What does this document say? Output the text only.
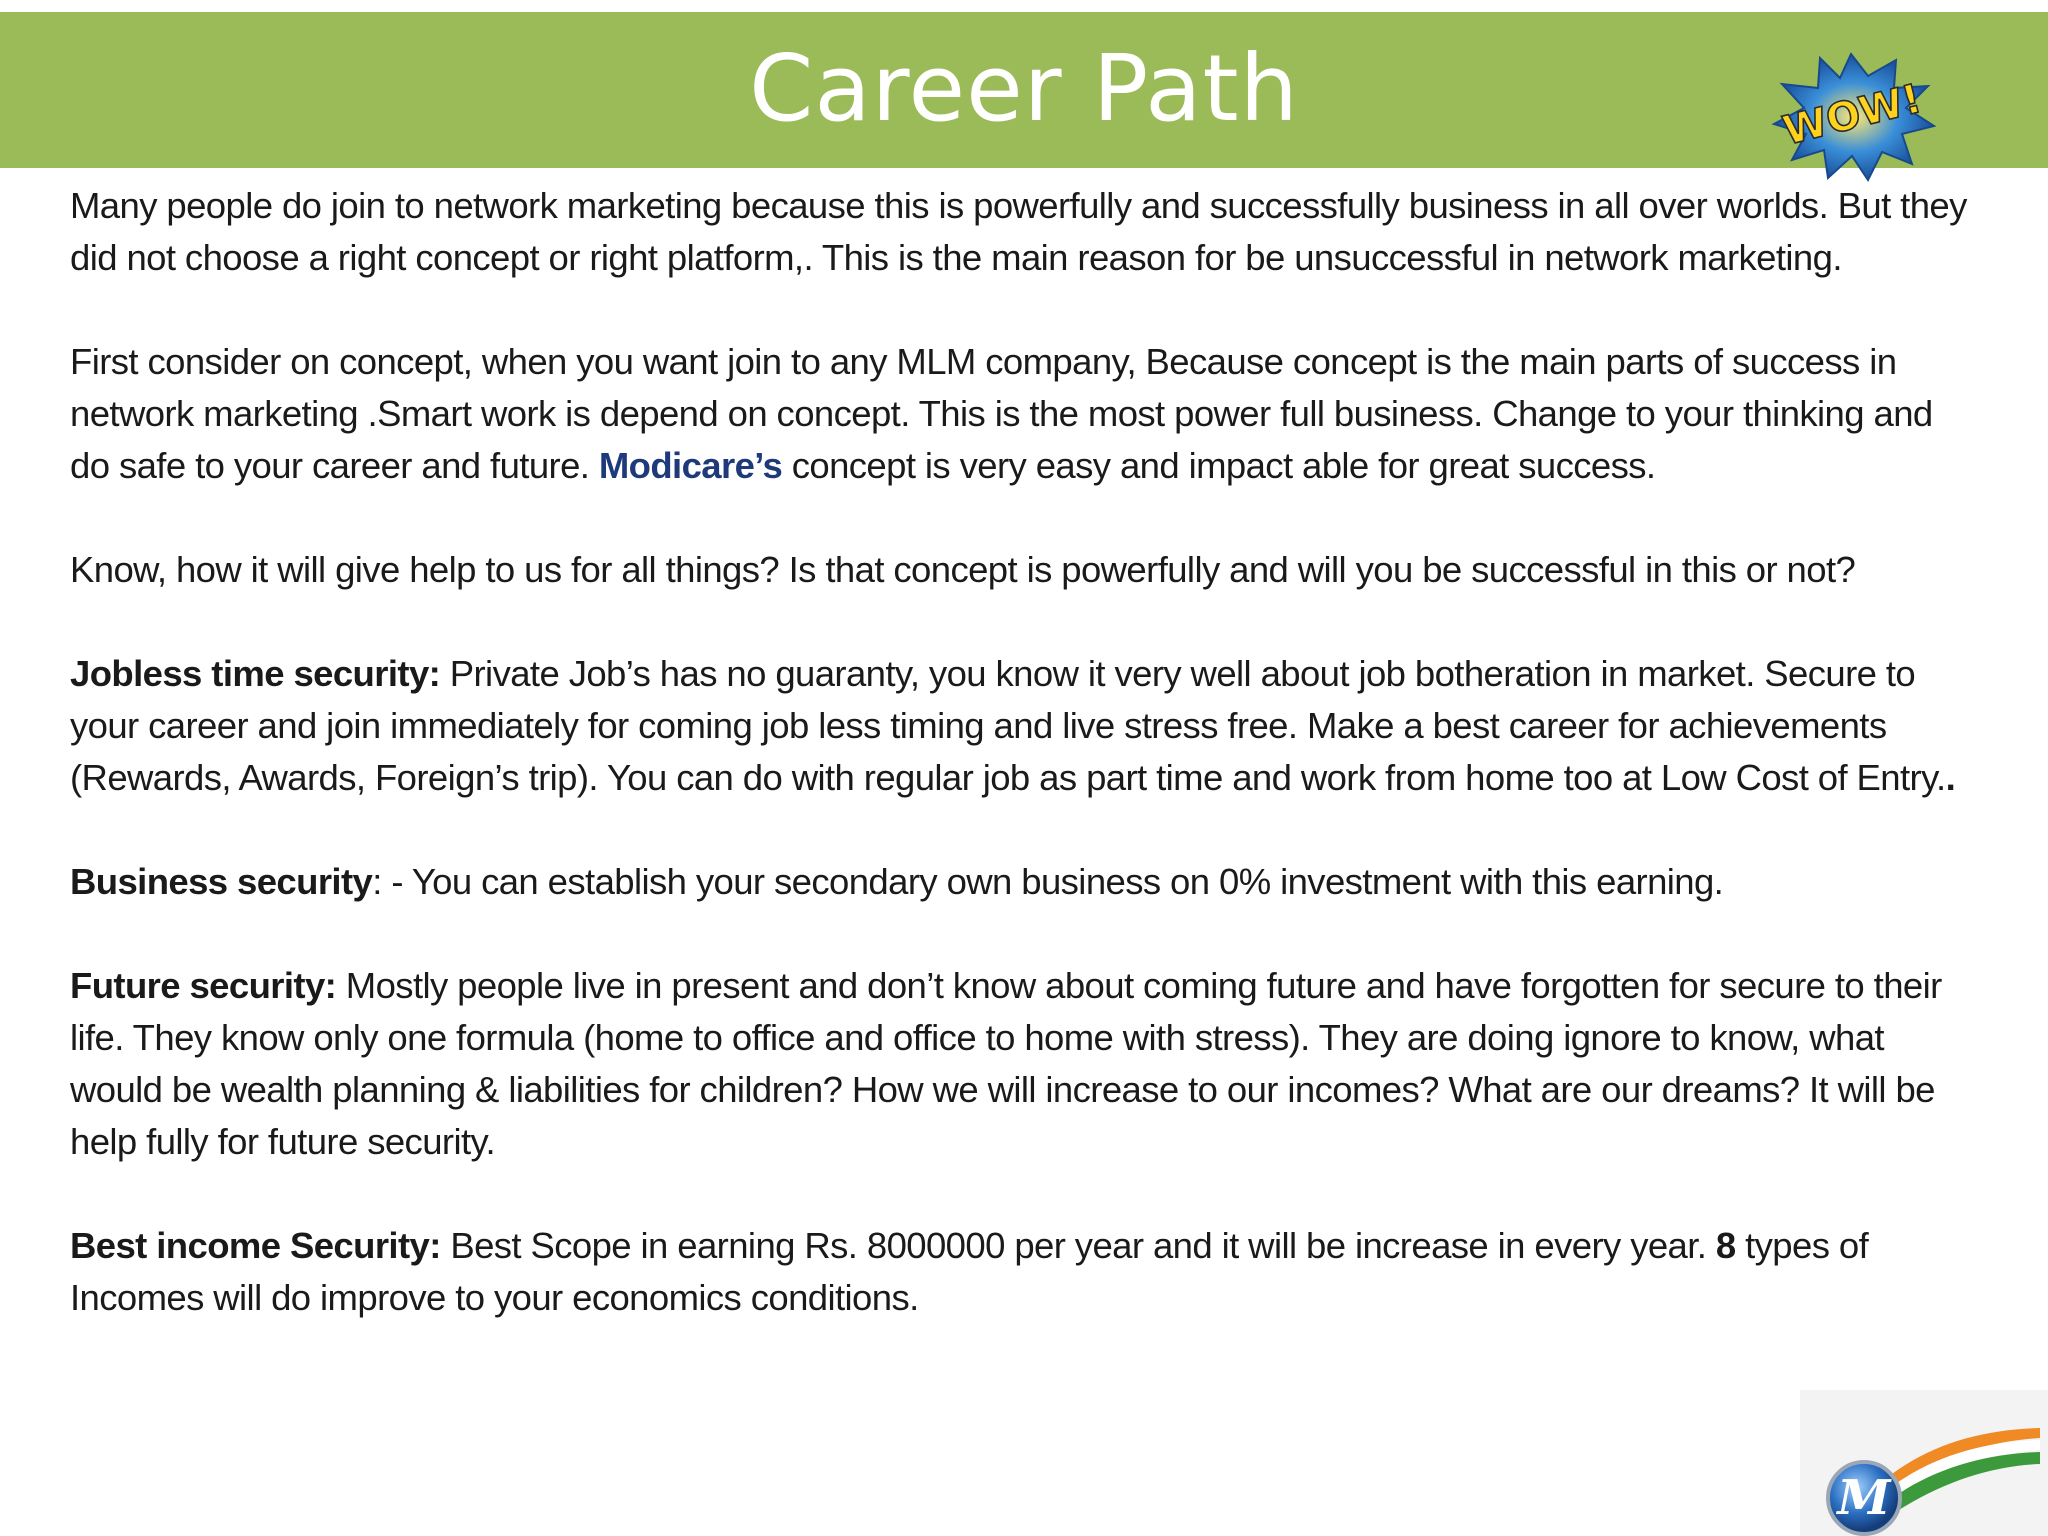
Career Path	WOW!

Many people do join to network marketing because this is powerfully and successfully business in all over worlds. But they did not choose a right concept or right platform,. This is the main reason for be unsuccessful in network marketing.

First consider on concept, when you want join to any MLM company, Because concept is the main parts of success in network marketing .Smart work is depend on concept. This is the most power full business. Change to your thinking and do safe to your career and future. Modicare’s concept is very easy and impact able for great success.

Know, how it will give help to us for all things? Is that concept is powerfully and will you be successful in this or not?

Jobless time security: Private Job’s has no guaranty, you know it very well about job botheration in market. Secure to your career and join immediately for coming job less timing and live stress free. Make a best career for achievements (Rewards, Awards, Foreign’s trip). You can do with regular job as part time and work from home too at Low Cost of Entry..

Business security: - You can establish your secondary own business on 0% investment with this earning.

Future security: Mostly people live in present and don’t know about coming future and have forgotten for secure to their life. They know only one formula (home to office and office to home with stress). They are doing ignore to know, what would be wealth planning & liabilities for children? How we will increase to our incomes? What are our dreams? It will be help fully for future security.

Best income Security: Best Scope in earning Rs. 8000000 per year and it will be increase in every year. 8 types of Incomes will do improve to your economics conditions.

M
